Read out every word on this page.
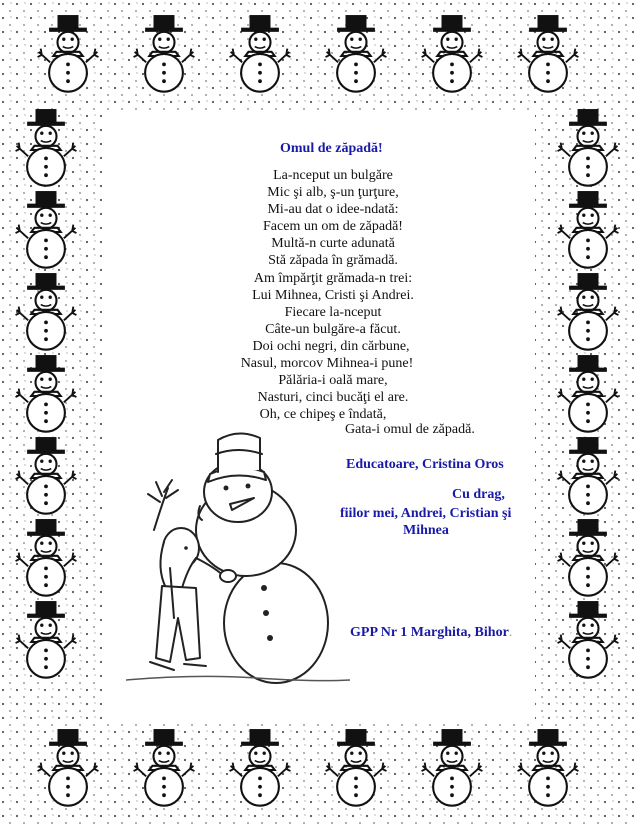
Omul de zăpadă!
La-nceput un bulgăre
Mic şi alb, ş-un ţurţure,
Mi-au dat o idee-ndată:
Facem un om de zăpadă!
Multă-n curte adunată
Stă zăpada în grămadă.
Am împărţit grămada-n trei:
Lui Mihnea, Cristi şi Andrei.
Fiecare la-nceput
Câte-un bulgăre-a făcut.
Doi ochi negri, din cărbune,
Nasul, morcov Mihnea-i pune!
Pălăria-i oală mare,
Nasturi, cinci bucăţi el are.
Oh, ce chipeş e îndată,
Gata-i omul de zăpadă.
Educatoare, Cristina Oros
Cu drag,
fiilor mei, Andrei, Cristian şi
Mihnea
GPP Nr 1 Marghita, Bihor.
